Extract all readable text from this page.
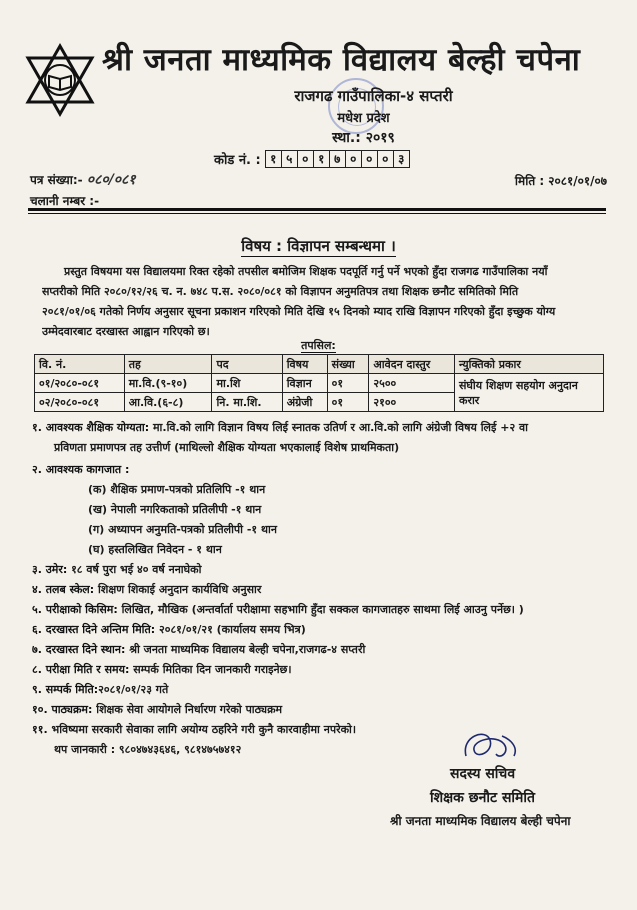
श्री जनता माध्यमिक विद्यालय बेल्ही चपेना
राजगढ गाउँपालिका-४ सप्तरी
मधेश प्रदेश
स्था.: २०१९
कोड नं. : १ ५ ० १ ७ ० ० ० ३
पत्र संख्या:- ०८०/०८१	मिति : २०८१/०१/०७
चलानी नम्बर :-
विषय : विज्ञापन सम्बन्धमा ।
प्रस्तुत विषयमा यस विद्यालयमा रिक्त रहेको तपसील बमोजिम शिक्षक पदपूर्ति गर्नु पर्ने भएको हुँदा राजगढ गाउँपालिका नयाँ
सप्तरीको मिति २०८०/१२/२६ च. न. ७४८ प.स. २०८०/०८१ को विज्ञापन अनुमतिपत्र तथा शिक्षक छनौट समितिको मिति
२०८१/०१/०६ गतेको निर्णय अनुसार सूचना प्रकाशन गरिएको मिति देखि १५ दिनको म्याद राखि विज्ञापन गरिएको हुँदा इच्छुक योग्य
उम्मेदवारबाट दरखास्त आह्वान गरिएको छ।
तपसिल:
वि. नं.	तह	पद	विषय	संख्या	आवेदन दास्तुर	न्युक्तिको प्रकार
०१/२०८०-०८१	मा.वि.(९-१०)	मा.शि	विज्ञान	०१	२५००	संघीय शिक्षण सहयोग अनुदान करार
०२/२०८०-०८१	आ.वि.(६-८)	नि. मा.शि.	अंग्रेजी	०१	२१००	
१. आवश्यक शैक्षिक योग्यता: मा.वि.को लागि विज्ञान विषय लिई स्नातक उतिर्ण र आ.वि.को लागि अंग्रेजी विषय लिई +२ वा
प्रविणता प्रमाणपत्र तह उत्तीर्ण (माथिल्लो शैक्षिक योग्यता भएकालाई विशेष प्राथमिकता)
२. आवश्यक कागजात :
(क) शैक्षिक प्रमाण-पत्रको प्रतिलिपि -१ थान
(ख) नेपाली नगरिकताको प्रतिलीपी -१ थान
(ग) अध्यापन अनुमति-पत्रको प्रतिलीपी -१ थान
(घ) हस्तलिखित निवेदन - १ थान
३. उमेर: १८ वर्ष पुरा भई ४० वर्ष ननाघेको
४. तलब स्केल: शिक्षण शिकाई अनुदान कार्यविधि अनुसार
५. परीक्षाको किसिम: लिखित, मौखिक (अन्तर्वार्ता परीक्षामा सहभागि हुँदा सक्कल कागजातहरु साथमा लिई आउनु पर्नेछ। )
६. दरखास्त दिने अन्तिम मिति: २०८१/०१/२१ (कार्यालय समय भित्र)
७. दरखास्त दिने स्थान: श्री जनता माध्यमिक विद्यालय बेल्ही चपेना,राजगढ-४ सप्तरी
८. परीक्षा मिति र समय: सम्पर्क मितिका दिन जानकारी गराइनेछ।
९. सम्पर्क मिति:२०८१/०१/२३ गते
१०. पाठ्यक्रम: शिक्षक सेवा आयोगले निर्धारण गरेको पाठ्यक्रम
११. भविष्यमा सरकारी सेवाका लागि अयोग्य ठहरिने गरी कुनै कारवाहीमा नपरेको।
थप जानकारी : ९८०४७४३६४६, ९८१४७५७४१२
सदस्य सचिव
शिक्षक छनौट समिति
श्री जनता माध्यमिक विद्यालय बेल्ही चपेना
